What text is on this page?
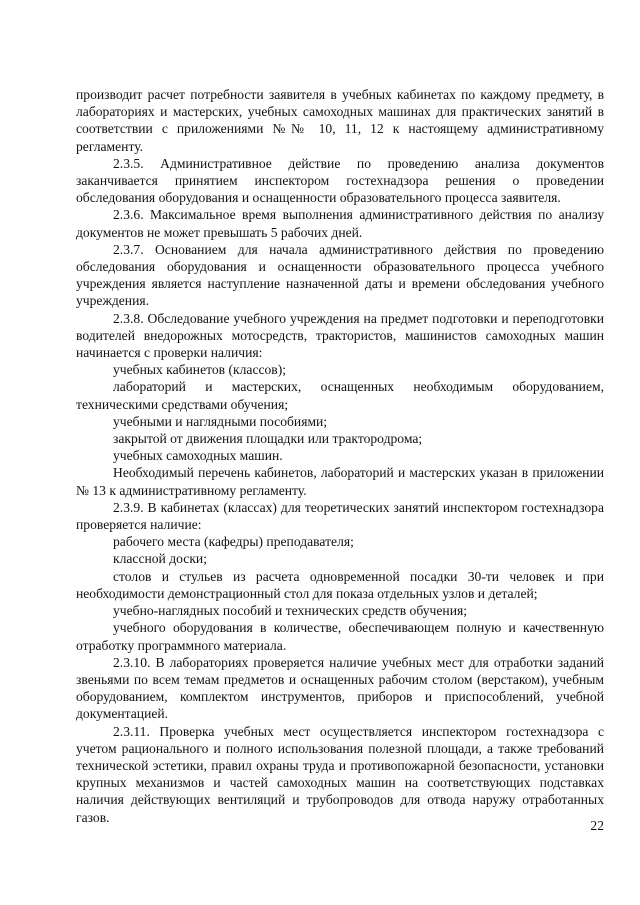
производит расчет потребности заявителя в учебных кабинетах по каждому предмету, в лабораториях и мастерских, учебных самоходных машинах для практических занятий в соответствии с приложениями №№ 10, 11, 12 к настоящему административному регламенту.

2.3.5. Административное действие по проведению анализа документов заканчивается принятием инспектором гостехнадзора решения о проведении обследования оборудования и оснащенности образовательного процесса заявителя.

2.3.6. Максимальное время выполнения административного действия по анализу документов не может превышать 5 рабочих дней.

2.3.7. Основанием для начала административного действия по проведению обследования оборудования и оснащенности образовательного процесса учебного учреждения является наступление назначенной даты и времени обследования учебного учреждения.

2.3.8. Обследование учебного учреждения на предмет подготовки и переподготовки водителей внедорожных мотосредств, трактористов, машинистов самоходных машин начинается с проверки наличия:

учебных кабинетов (классов);

лабораторий и мастерских, оснащенных необходимым оборудованием, техническими средствами обучения;

учебными и наглядными пособиями;

закрытой от движения площадки или трактородрома;

учебных самоходных машин.

Необходимый перечень кабинетов, лабораторий и мастерских указан в приложении № 13 к административному регламенту.

2.3.9. В кабинетах (классах) для теоретических занятий инспектором гостехнадзора проверяется наличие:

рабочего места (кафедры) преподавателя;

классной доски;

столов и стульев из расчета одновременной посадки 30-ти человек и при необходимости демонстрационный стол для показа отдельных узлов и деталей;

учебно-наглядных пособий и технических средств обучения;

учебного оборудования в количестве, обеспечивающем полную и качественную отработку программного материала.

2.3.10. В лабораториях проверяется наличие учебных мест для отработки заданий звеньями по всем темам предметов и оснащенных рабочим столом (верстаком), учебным оборудованием, комплектом инструментов, приборов и приспособлений, учебной документацией.

2.3.11. Проверка учебных мест осуществляется инспектором гостехнадзора с учетом рационального и полного использования полезной площади, а также требований технической эстетики, правил охраны труда и противопожарной безопасности, установки крупных механизмов и частей самоходных машин на соответствующих подставках наличия действующих вентиляций и трубопроводов для отвода наружу отработанных газов.

22
